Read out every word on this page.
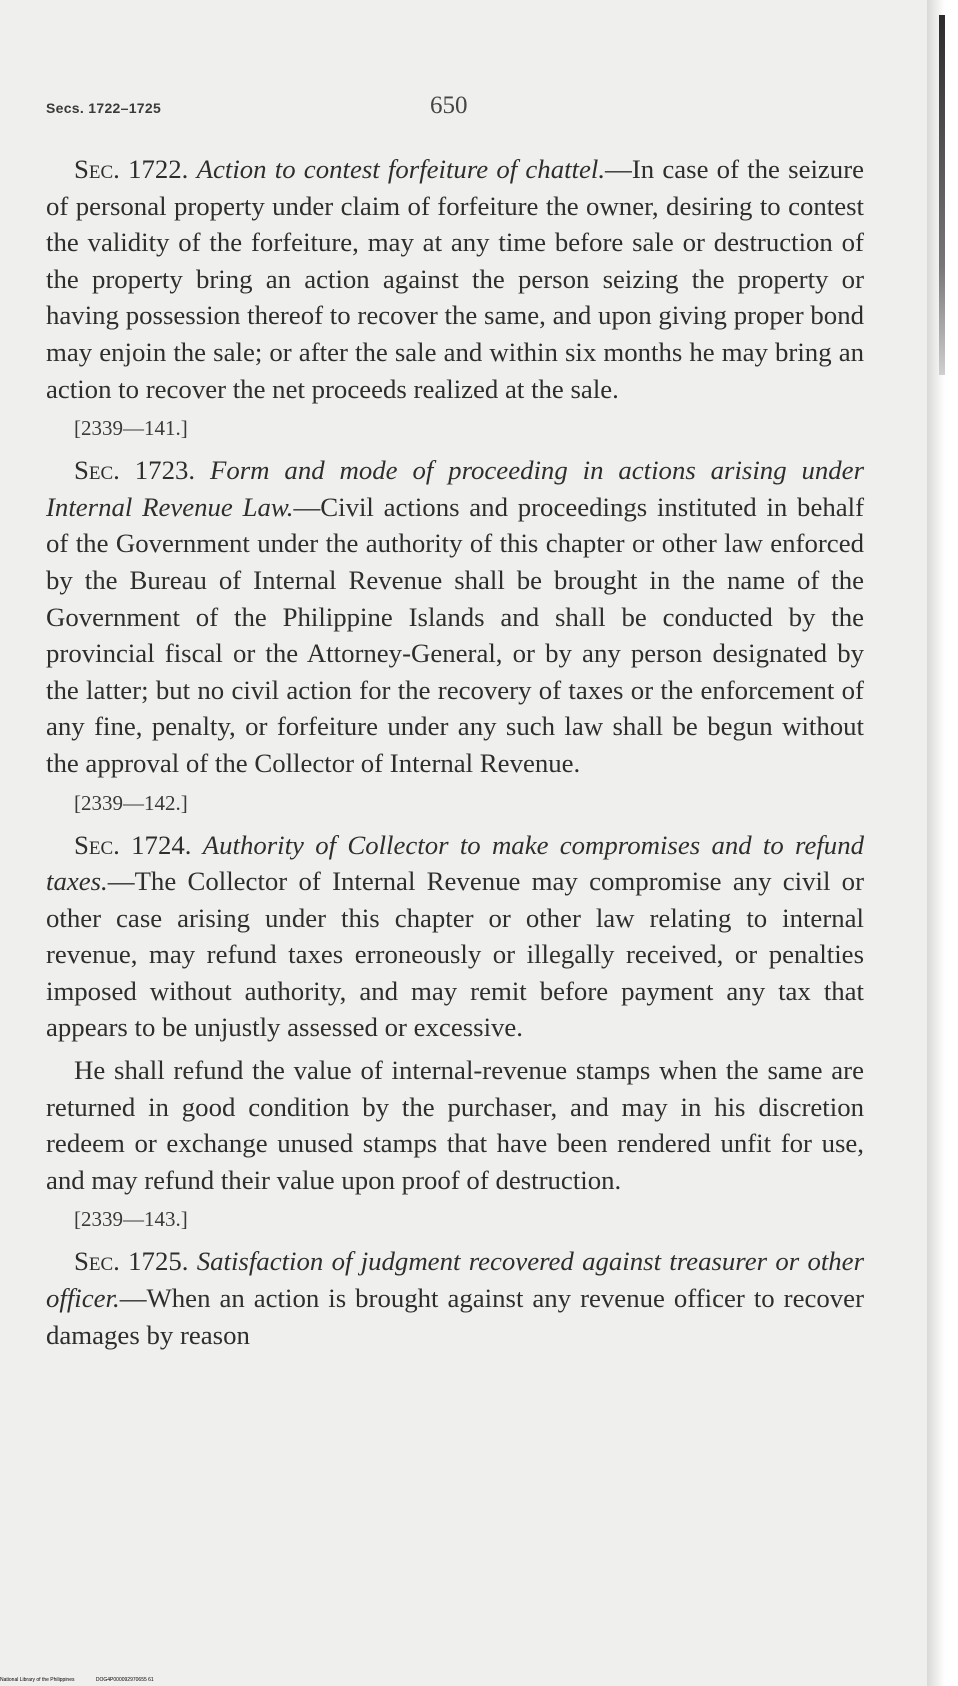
Secs. 1722–1725	650

Sec. 1722. Action to contest forfeiture of chattel.—In case of the seizure of personal property under claim of forfeiture the owner, desiring to contest the validity of the forfeiture, may at any time before sale or destruction of the property bring an action against the person seizing the property or having possession thereof to recover the same, and upon giving proper bond may enjoin the sale; or after the sale and within six months he may bring an action to recover the net proceeds realized at the sale.

[2339—141.]

Sec. 1723. Form and mode of proceeding in actions arising under Internal Revenue Law.—Civil actions and proceedings instituted in behalf of the Government under the authority of this chapter or other law enforced by the Bureau of Internal Revenue shall be brought in the name of the Government of the Philippine Islands and shall be conducted by the provincial fiscal or the Attorney-General, or by any person designated by the latter; but no civil action for the recovery of taxes or the enforcement of any fine, penalty, or forfeiture under any such law shall be begun without the approval of the Collector of Internal Revenue.

[2339—142.]

Sec. 1724. Authority of Collector to make compromises and to refund taxes.—The Collector of Internal Revenue may compromise any civil or other case arising under this chapter or other law relating to internal revenue, may refund taxes erroneously or illegally received, or penalties imposed without authority, and may remit before payment any tax that appears to be unjustly assessed or excessive.

He shall refund the value of internal-revenue stamps when the same are returned in good condition by the purchaser, and may in his discretion redeem or exchange unused stamps that have been rendered unfit for use, and may refund their value upon proof of destruction.

[2339—143.]

Sec. 1725. Satisfaction of judgment recovered against treasurer or other officer.—When an action is brought against any revenue officer to recover damages by reason

National Library of the Philippines	DOG4P000092970655 61
